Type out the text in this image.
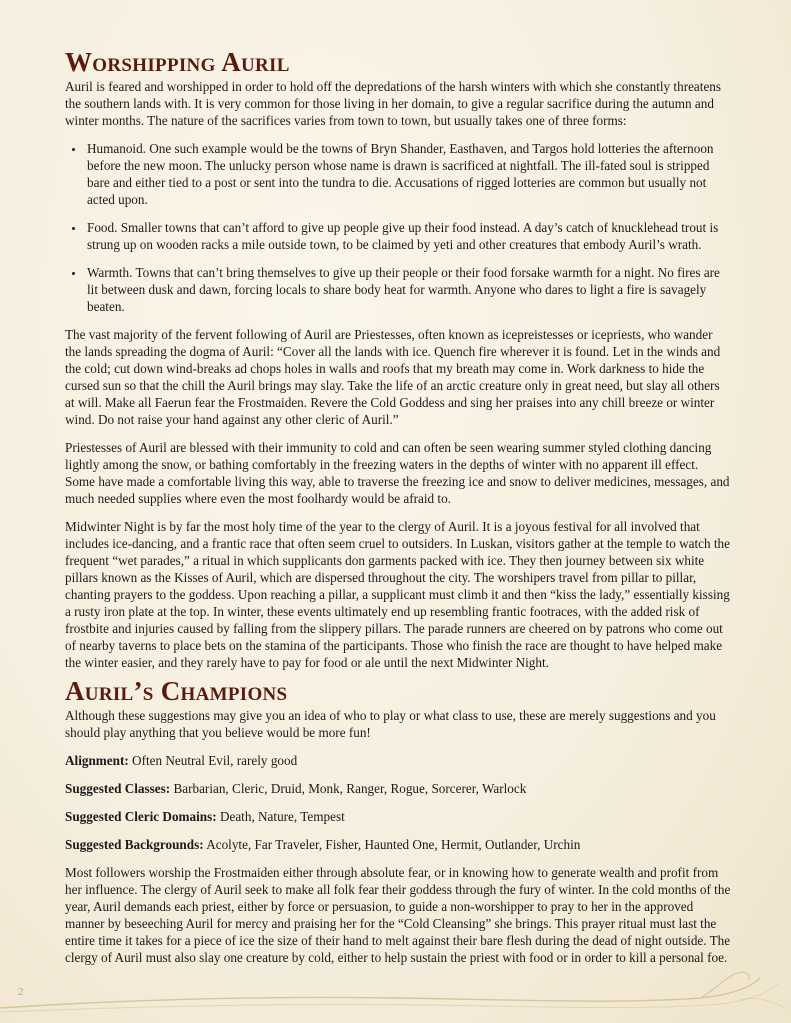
Worshipping Auril

Auril is feared and worshipped in order to hold off the depredations of the harsh winters with which she constantly threatens the southern lands with. It is very common for those living in her domain, to give a regular sacrifice during the autumn and winter months. The nature of the sacrifices varies from town to town, but usually takes one of three forms:

• Humanoid. One such example would be the towns of Bryn Shander, Easthaven, and Targos hold lotteries the afternoon before the new moon. The unlucky person whose name is drawn is sacrificed at nightfall. The ill-fated soul is stripped bare and either tied to a post or sent into the tundra to die. Accusations of rigged lotteries are common but usually not acted upon.
• Food. Smaller towns that can’t afford to give up people give up their food instead. A day’s catch of knucklehead trout is strung up on wooden racks a mile outside town, to be claimed by yeti and other creatures that embody Auril’s wrath.
• Warmth. Towns that can’t bring themselves to give up their people or their food forsake warmth for a night. No fires are lit between dusk and dawn, forcing locals to share body heat for warmth. Anyone who dares to light a fire is savagely beaten.

The vast majority of the fervent following of Auril are Priestesses, often known as icepreistesses or icepriests, who wander the lands spreading the dogma of Auril: “Cover all the lands with ice. Quench fire wherever it is found. Let in the winds and the cold; cut down wind-breaks ad chops holes in walls and roofs that my breath may come in. Work darkness to hide the cursed sun so that the chill the Auril brings may slay. Take the life of an arctic creature only in great need, but slay all others at will. Make all Faerun fear the Frostmaiden. Revere the Cold Goddess and sing her praises into any chill breeze or winter wind. Do not raise your hand against any other cleric of Auril.”

Priestesses of Auril are blessed with their immunity to cold and can often be seen wearing summer styled clothing dancing lightly among the snow, or bathing comfortably in the freezing waters in the depths of winter with no apparent ill effect. Some have made a comfortable living this way, able to traverse the freezing ice and snow to deliver medicines, messages, and much needed supplies where even the most foolhardy would be afraid to.

Midwinter Night is by far the most holy time of the year to the clergy of Auril. It is a joyous festival for all involved that includes ice-dancing, and a frantic race that often seem cruel to outsiders. In Luskan, visitors gather at the temple to watch the frequent “wet parades,” a ritual in which supplicants don garments packed with ice. They then journey between six white pillars known as the Kisses of Auril, which are dispersed throughout the city. The worshipers travel from pillar to pillar, chanting prayers to the goddess. Upon reaching a pillar, a supplicant must climb it and then “kiss the lady,” essentially kissing a rusty iron plate at the top. In winter, these events ultimately end up resembling frantic footraces, with the added risk of frostbite and injuries caused by falling from the slippery pillars. The parade runners are cheered on by patrons who come out of nearby taverns to place bets on the stamina of the participants. Those who finish the race are thought to have helped make the winter easier, and they rarely have to pay for food or ale until the next Midwinter Night.

Auril’s Champions

Although these suggestions may give you an idea of who to play or what class to use, these are merely suggestions and you should play anything that you believe would be more fun!

Alignment: Often Neutral Evil, rarely good

Suggested Classes: Barbarian, Cleric, Druid, Monk, Ranger, Rogue, Sorcerer, Warlock

Suggested Cleric Domains: Death, Nature, Tempest

Suggested Backgrounds: Acolyte, Far Traveler, Fisher, Haunted One, Hermit, Outlander, Urchin

Most followers worship the Frostmaiden either through absolute fear, or in knowing how to generate wealth and profit from her influence. The clergy of Auril seek to make all folk fear their goddess through the fury of winter. In the cold months of the year, Auril demands each priest, either by force or persuasion, to guide a non-worshipper to pray to her in the approved manner by beseeching Auril for mercy and praising her for the “Cold Cleansing” she brings. This prayer ritual must last the entire time it takes for a piece of ice the size of their hand to melt against their bare flesh during the dead of night outside. The clergy of Auril must also slay one creature by cold, either to help sustain the priest with food or in order to kill a personal foe.

2
